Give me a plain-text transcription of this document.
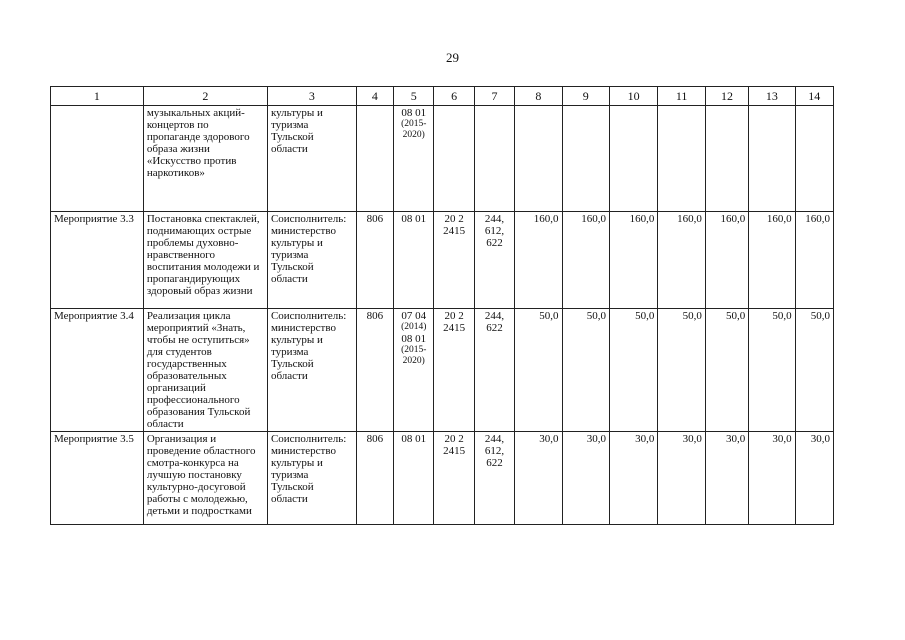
29
1	2	3	4	5	6	7	8	9	10	11	12	13	14
	музыкальных акций-концертов по пропаганде здорового образа жизни «Искусство против наркотиков»	культуры и туризма Тульской области		08 01
(2015-2020)									

Мероприятие 3.3	Постановка спектаклей, поднимающих острые проблемы духовно-нравственного воспитания молодежи и пропагандирующих здоровый образ жизни	Соисполнитель: министерство культуры и туризма Тульской области	806	08 01	20 2 2415	244, 612, 622	160,0	160,0	160,0	160,0	160,0	160,0	160,0
Мероприятие 3.4	Реализация цикла мероприятий «Знать, чтобы не оступиться» для студентов государственных образовательных организаций профессионального образования Тульской области	Соисполнитель: министерство культуры и туризма Тульской области	806	07 04
(2014)
08 01
(2015-2020)	20 2 2415	244, 622	50,0	50,0	50,0	50,0	50,0	50,0	50,0
Мероприятие 3.5	Организация и проведение областного смотра-конкурса на лучшую постановку культурно-досуговой работы с молодежью, детьми и подростками	Соисполнитель: министерство культуры и туризма Тульской области	806	08 01	20 2 2415	244, 612, 622	30,0	30,0	30,0	30,0	30,0	30,0	30,0
